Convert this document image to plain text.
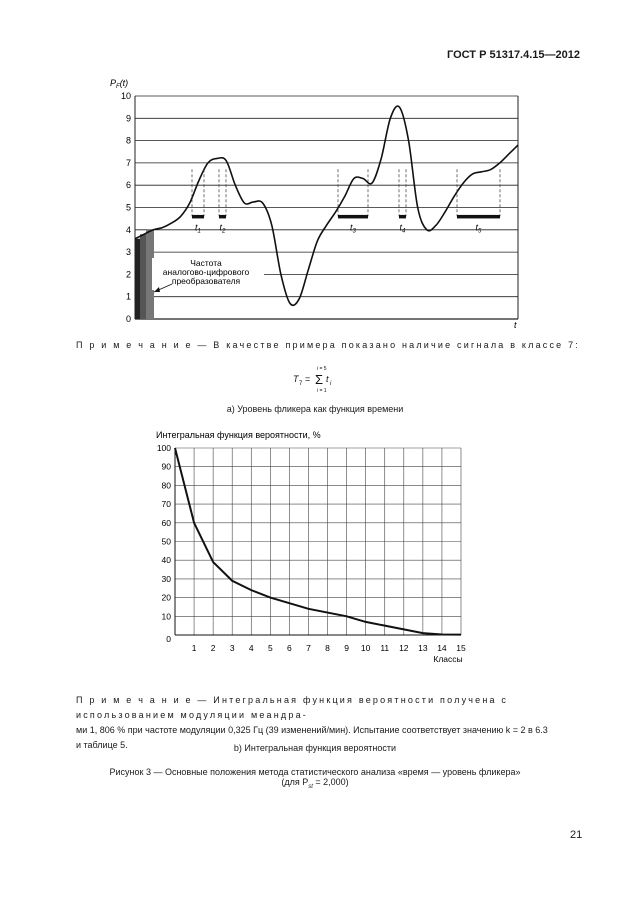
ГОСТ Р 51317.4.15—2012
0
1
2
3
4
5
6
7
8
9
10
$t_1$ $t_2$	$t_3$	$t_4$	$t_5$
$P_F(t)$
t
Частота
аналогово-цифрового
преобразователя
П р и м е ч а н и е — В качестве примера показано наличие сигнала в классе 7:
T 7 = Σ
i = 5
i = 1
t i
а) Уровень фликера как функция времени
Интегральная функция вероятности, %
10
20
30
40
50
60
70
80
90
100
0
1 2 3 4 5 6 7 8 9 10 11 12 13 14 15
Классы
П р и м е ч а н и е — Интегральная функция вероятности получена с использованием модуляции меандра-
ми 1, 806 % при частоте модуляции 0,325 Гц (39 изменений/мин). Испытание соответствует значению k = 2 в 6.3
и таблице 5.	b) Интегральная функция вероятности
Рисунок 3 — Основные положения метода статистического анализа «время — уровень фликера»
(для $P_{st} = 2,000$)
21
